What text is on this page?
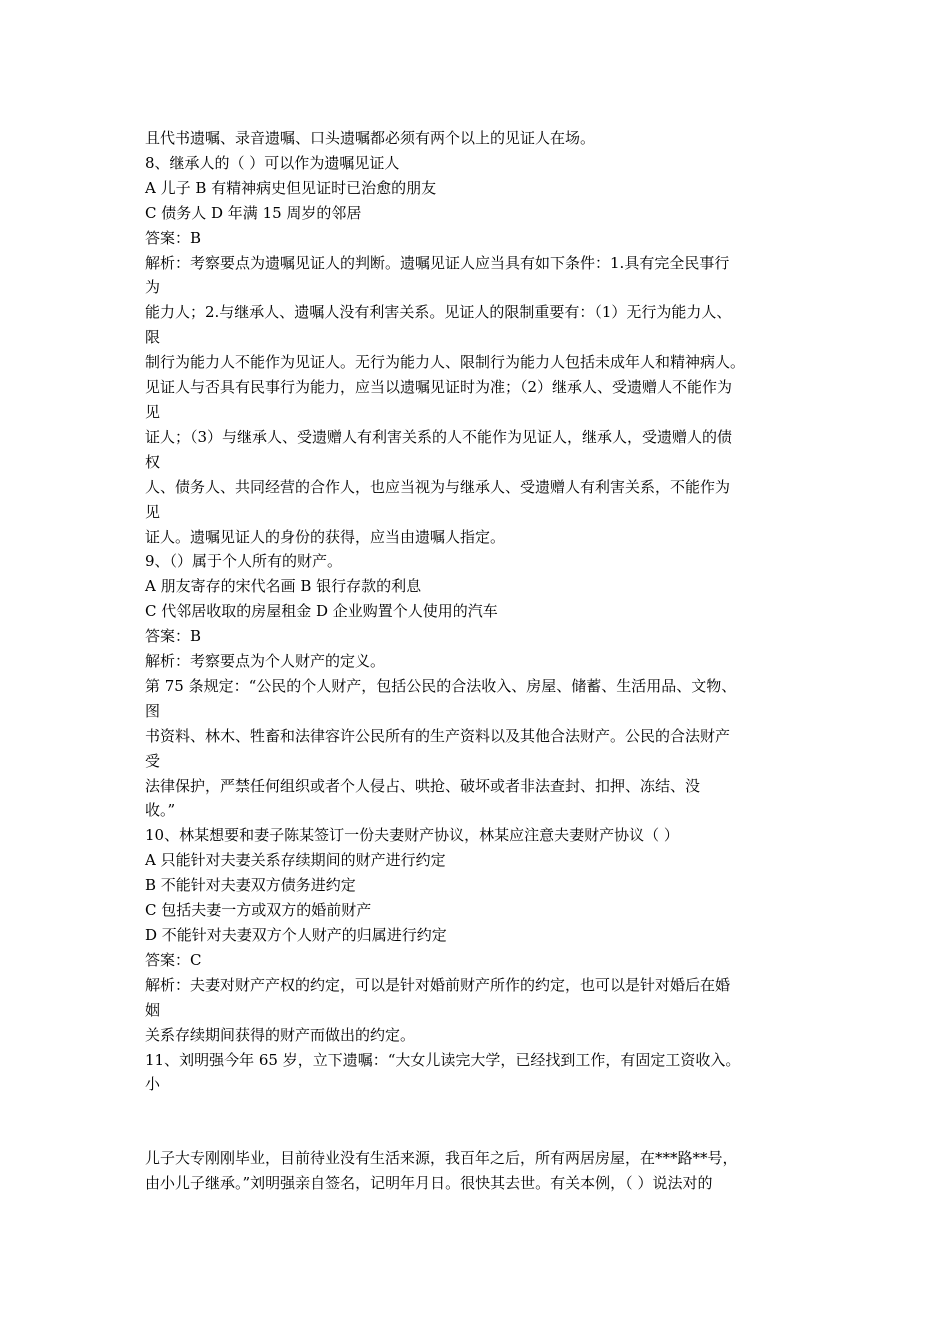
且代书遗嘱、录音遗嘱、口头遗嘱都必须有两个以上的见证人在场。
8、继承人的（ ）可以作为遗嘱见证人
A 儿子 B 有精神病史但见证时已治愈的朋友
C 债务人 D 年满 15 周岁的邻居
答案：B
解析：考察要点为遗嘱见证人的判断。遗嘱见证人应当具有如下条件：1.具有完全民事行
为
能力人；2.与继承人、遗嘱人没有利害关系。见证人的限制重要有：（1）无行为能力人、
限
制行为能力人不能作为见证人。无行为能力人、限制行为能力人包括未成年人和精神病人。
见证人与否具有民事行为能力，应当以遗嘱见证时为准；（2）继承人、受遗赠人不能作为
见
证人；（3）与继承人、受遗赠人有利害关系的人不能作为见证人，继承人，受遗赠人的债
权
人、债务人、共同经营的合作人，也应当视为与继承人、受遗赠人有利害关系，不能作为
见
证人。遗嘱见证人的身份的获得，应当由遗嘱人指定。
9、（）属于个人所有的财产。
A 朋友寄存的宋代名画 B 银行存款的利息
C 代邻居收取的房屋租金 D 企业购置个人使用的汽车
答案：B
解析：考察要点为个人财产的定义。
第 75 条规定：“公民的个人财产，包括公民的合法收入、房屋、储蓄、生活用品、文物、
图
书资料、林木、牲畜和法律容许公民所有的生产资料以及其他合法财产。公民的合法财产
受
法律保护，严禁任何组织或者个人侵占、哄抢、破坏或者非法查封、扣押、冻结、没
收。”
10、林某想要和妻子陈某签订一份夫妻财产协议，林某应注意夫妻财产协议（ ）
A 只能针对夫妻关系存续期间的财产进行约定
B 不能针对夫妻双方债务进约定
C 包括夫妻一方或双方的婚前财产
D 不能针对夫妻双方个人财产的归属进行约定
答案：C
解析：夫妻对财产产权的约定，可以是针对婚前财产所作的约定，也可以是针对婚后在婚
姻
关系存续期间获得的财产而做出的约定。
11、刘明强今年 65 岁，立下遗嘱：“大女儿读完大学，已经找到工作，有固定工资收入。
小
儿子大专刚刚毕业，目前待业没有生活来源，我百年之后，所有两居房屋，在***路**号，
由小儿子继承。”刘明强亲自签名，记明年月日。很快其去世。有关本例，（ ）说法对的
